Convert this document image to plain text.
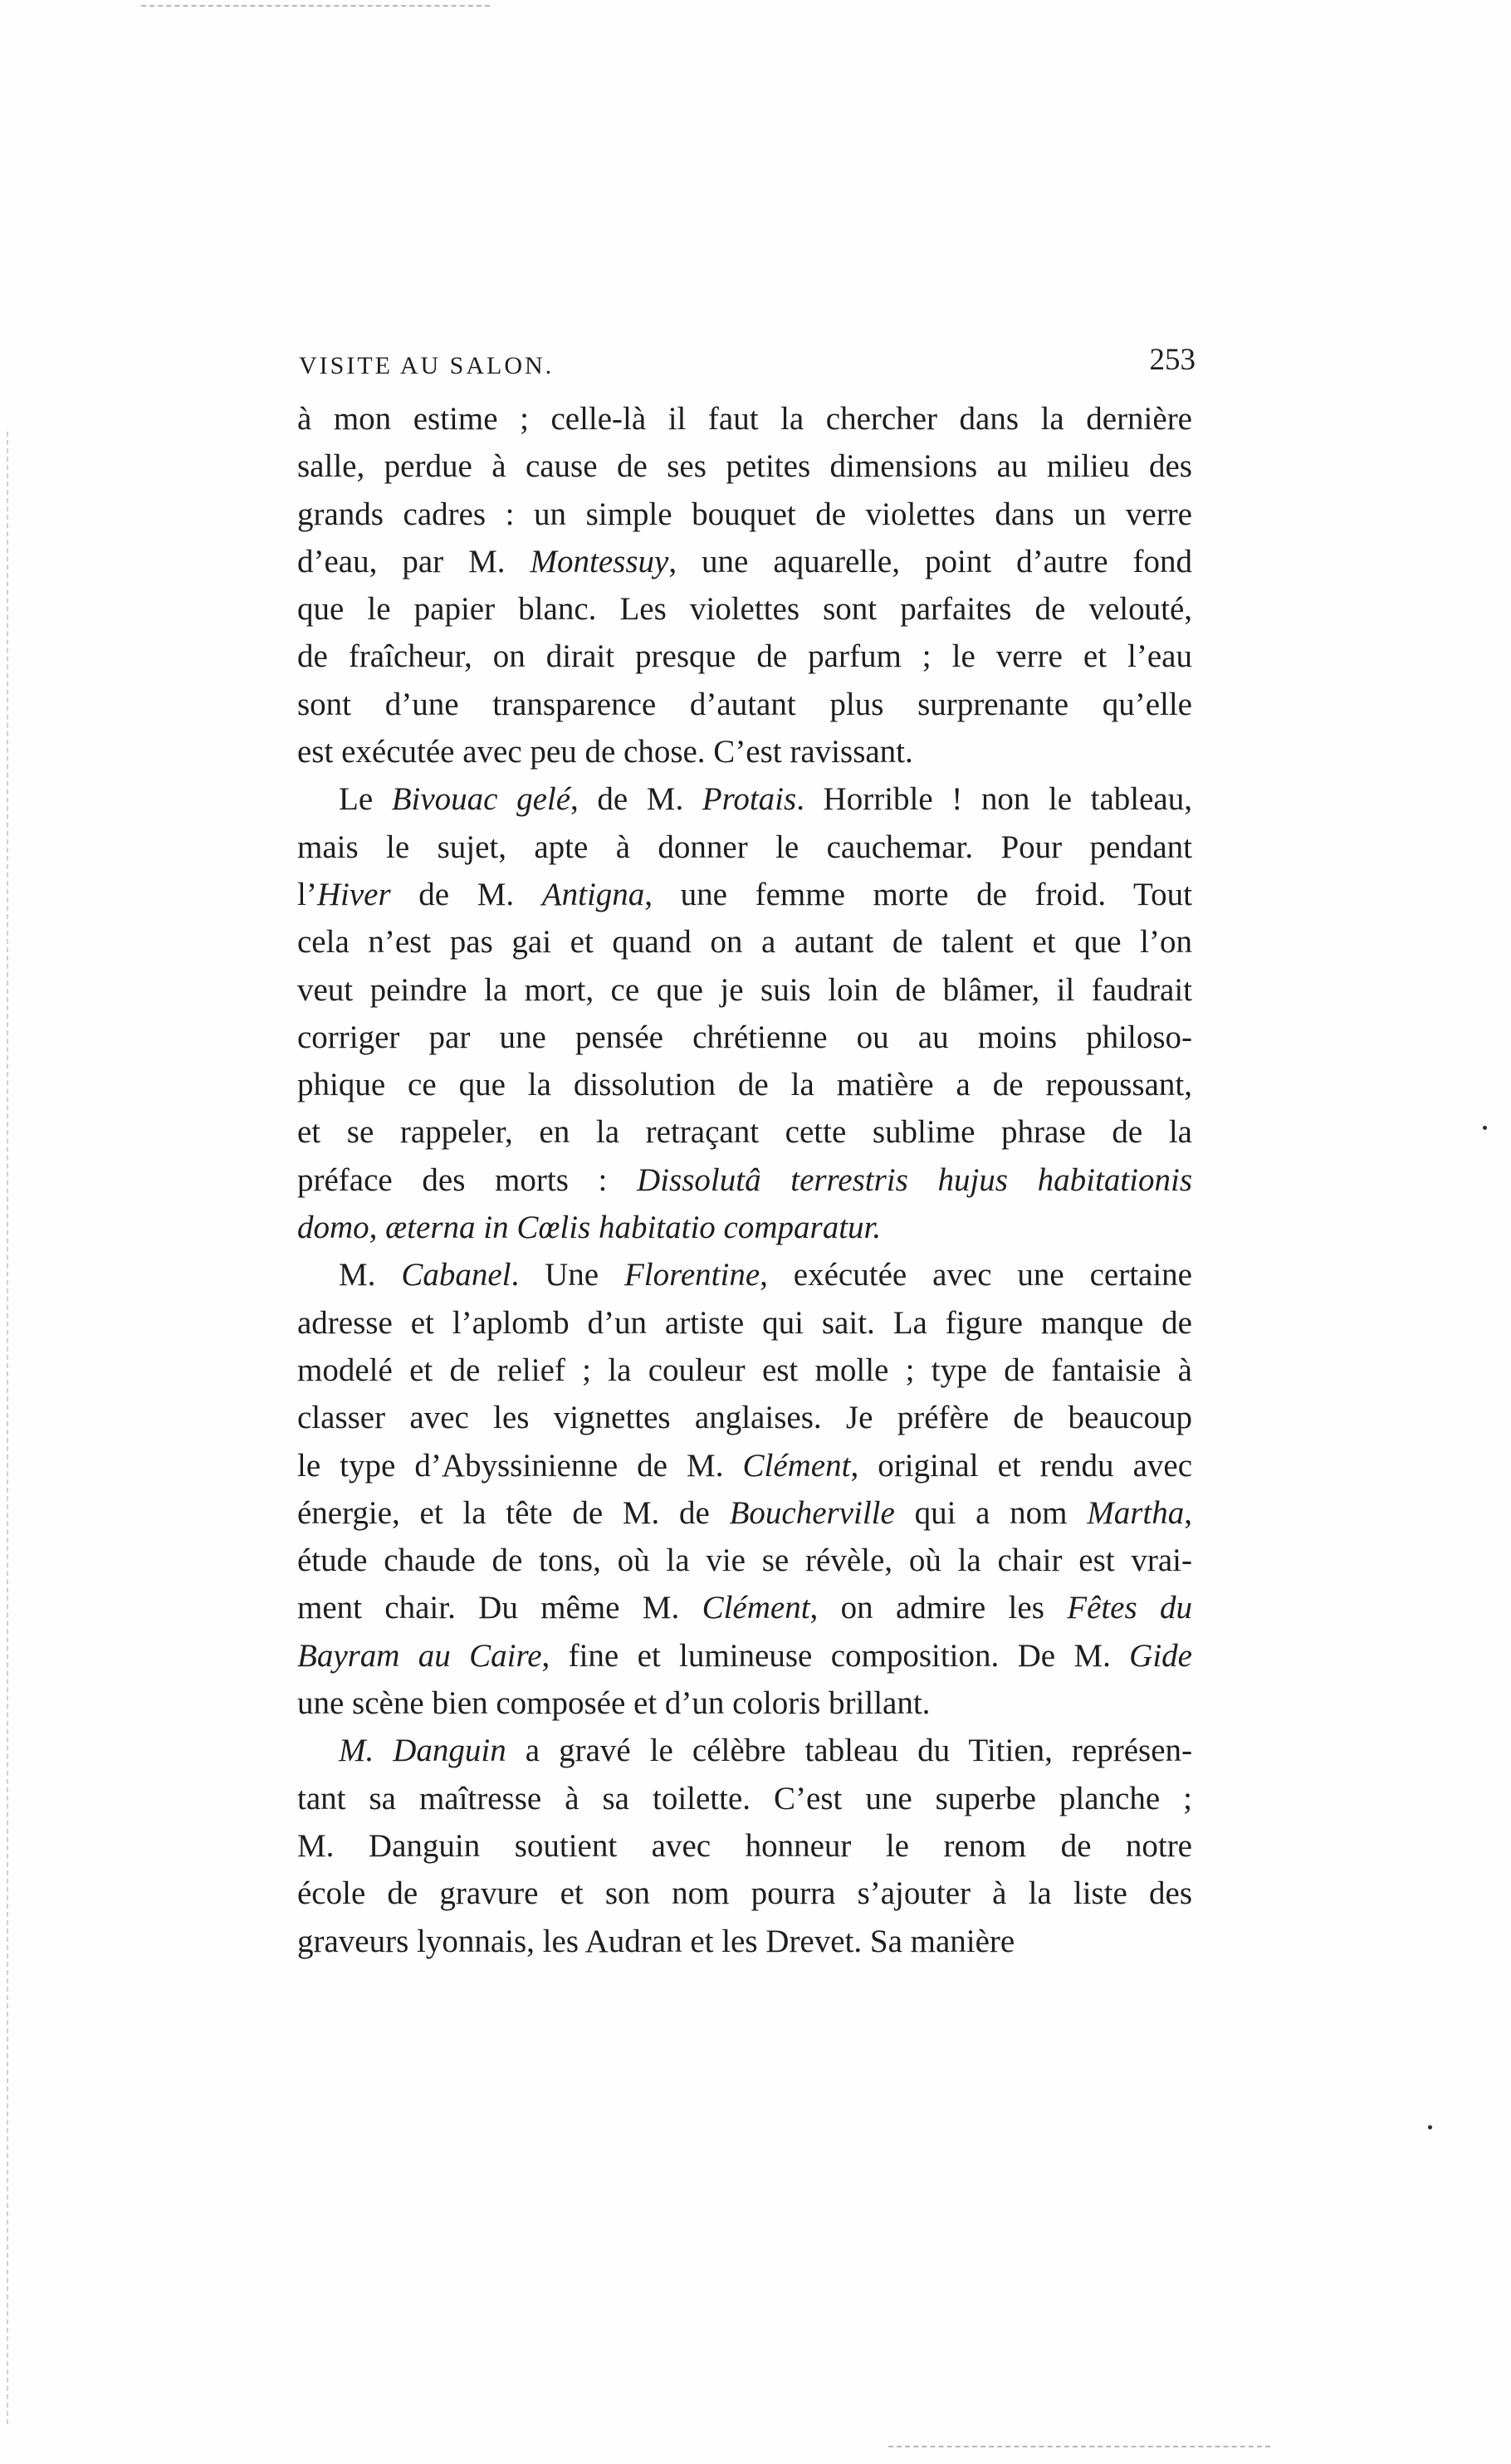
VISITE AU SALON.	253
à mon estime ; celle-là il faut la chercher dans la dernière
salle, perdue à cause de ses petites dimensions au milieu des
grands cadres : un simple bouquet de violettes dans un verre
d’eau, par M. Montessuy, une aquarelle, point d’autre fond
que le papier blanc. Les violettes sont parfaites de velouté,
de fraîcheur, on dirait presque de parfum ; le verre et l’eau
sont d’une transparence d’autant plus surprenante qu’elle
est exécutée avec peu de chose. C’est ravissant.
Le Bivouac gelé, de M. Protais. Horrible ! non le tableau,
mais le sujet, apte à donner le cauchemar. Pour pendant
l’Hiver de M. Antigna, une femme morte de froid. Tout
cela n’est pas gai et quand on a autant de talent et que l’on
veut peindre la mort, ce que je suis loin de blâmer, il faudrait
corriger par une pensée chrétienne ou au moins philoso-
phique ce que la dissolution de la matière a de repoussant,
et se rappeler, en la retraçant cette sublime phrase de la
préface des morts : Dissolutâ terrestris hujus habitationis
domo, æterna in Cœlis habitatio comparatur.
M. Cabanel. Une Florentine, exécutée avec une certaine
adresse et l’aplomb d’un artiste qui sait. La figure manque de
modelé et de relief ; la couleur est molle ; type de fantaisie à
classer avec les vignettes anglaises. Je préfère de beaucoup
le type d’Abyssinienne de M. Clément, original et rendu avec
énergie, et la tête de M. de Boucherville qui a nom Martha,
étude chaude de tons, où la vie se révèle, où la chair est vrai-
ment chair. Du même M. Clément, on admire les Fêtes du
Bayram au Caire, fine et lumineuse composition. De M. Gide
une scène bien composée et d’un coloris brillant.
M. Danguin a gravé le célèbre tableau du Titien, représen-
tant sa maîtresse à sa toilette. C’est une superbe planche ;
M. Danguin soutient avec honneur le renom de notre
école de gravure et son nom pourra s’ajouter à la liste des
graveurs lyonnais, les Audran et les Drevet. Sa manière
